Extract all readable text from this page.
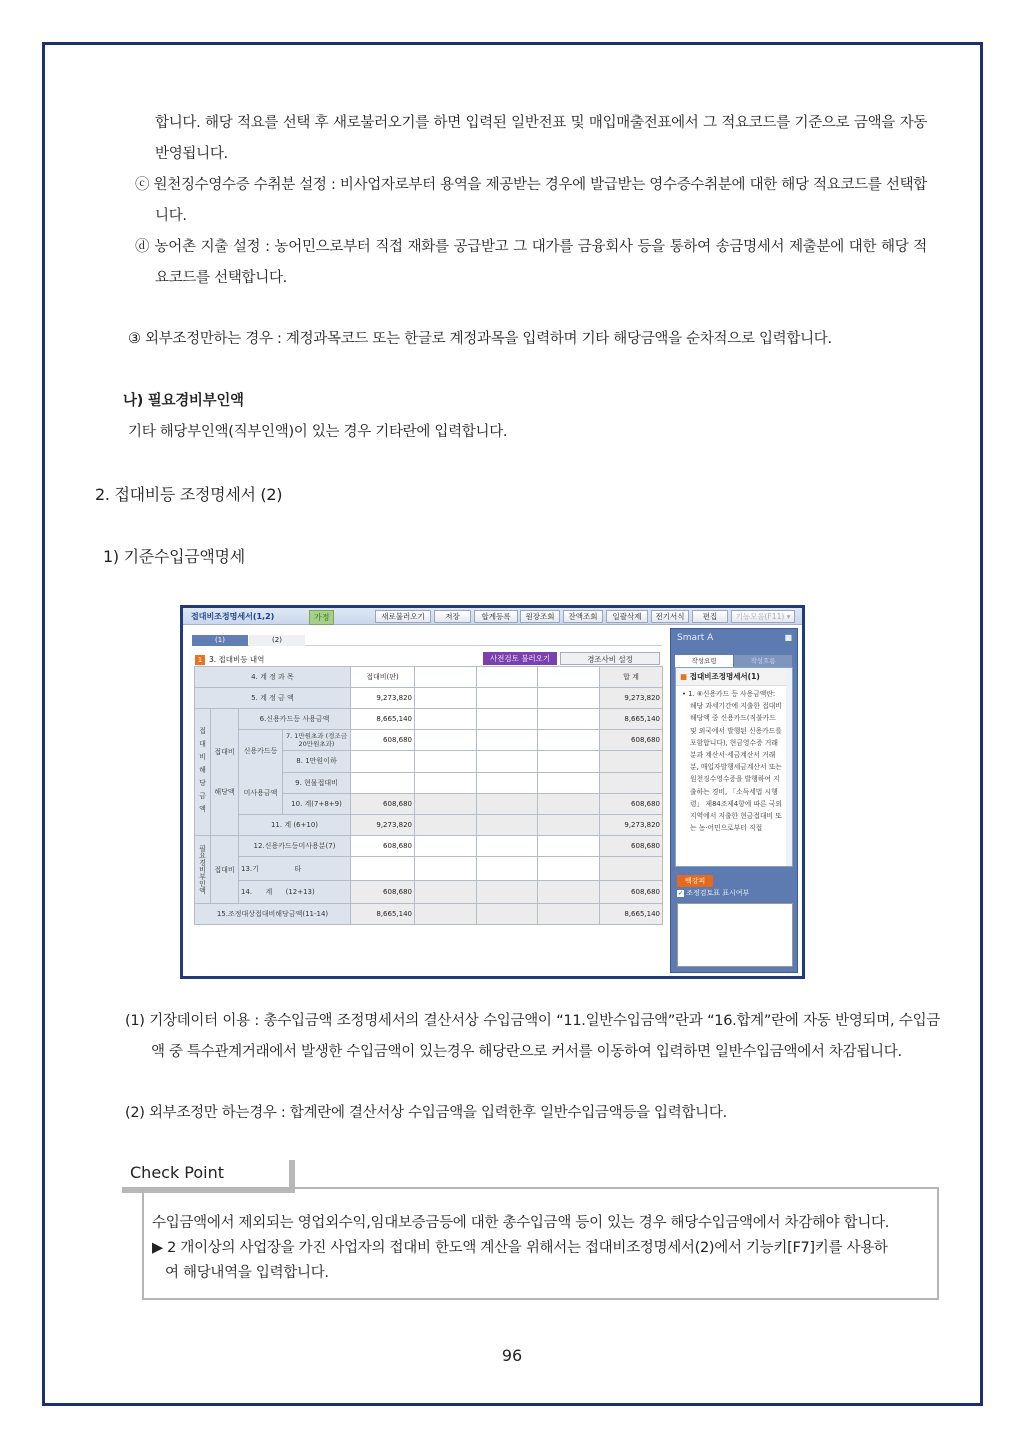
합니다. 해당 적요를 선택 후 새로불러오기를 하면 입력된 일반전표 및 매입매출전표에서 그 적요코드를 기준으로 금액을 자동 반영됩니다.
ⓒ 원천징수영수증 수취분 설정 : 비사업자로부터 용역을 제공받는 경우에 발급받는 영수증수취분에 대한 해당 적요코드를 선택합니다.
ⓓ 농어촌 지출 설정 : 농어민으로부터 직접 재화를 공급받고 그 대가를 금융회사 등을 통하여 송금명세서 제출분에 대한 해당 적요코드를 선택합니다.
③ 외부조정만하는 경우 : 계정과목코드 또는 한글로 계정과목을 입력하며 기타 해당금액을 순차적으로 입력합니다.
나) 필요경비부인액
기타 해당부인액(직부인액)이 있는 경우 기타란에 입력합니다.
2. 접대비등 조정명세서 (2)
1) 기준수입금액명세
접대비조정명세서(1,2)	가정	새로불러오기	저장	합계등록	원장조회	잔액조회	일괄삭제	전기서식	편집	기능모음(F11) ▾
(1)	(2)
1 3. 접대비등 내역	사전검토 불러오기	경조사비 설정
4. 계 정 과 목				접대비(판)				합 계
5. 계 정 금 액				9,273,820				9,273,820
접대비해당금액	접대비 해당액	6.신용카드등 사용금액		8,665,140				8,665,140
		신용카드등 미사용금액	7. 1만원초과 (경조금20만원초과)	608,680				608,680
			8. 1만원이하					
			9. 현물접대비					
			10. 계(7+8+9)	608,680				608,680
		11. 계 (6+10)		9,273,820				9,273,820
필요경비부인액	접대비	12.신용카드등미사용분(7)		608,680				608,680
		13.기                타						
		14.      계      (12+13)		608,680				608,680
15.조정대상접대비해당금액(11-14)				8,665,140				8,665,140
Smart A	■
작성요령	작성흐름
■ 접대비조정명세서(1)
• 1. ⑥신용카드 등 사용금액란: 해당 과세기간에 지출한 접대비해당액 중 신용카드(직불카드 및 외국에서 발행된 신용카드를 포함합니다), 현금영수증 거래분과 계산서·세금계산서 거래분, 매입자발행세금계산서 또는 원천징수영수증을 발행하여 지출하는 경비, 「소득세법 시행령」 제84조제4항에 따른 국외지역에서 지출한 현금접대비 또는 농·어민으로부터 직접
백강피
✓ 조정검토표 표시여부
(1) 기장데이터 이용 : 총수입금액 조정명세서의 결산서상 수입금액이 “11.일반수입금액”란과 “16.합계”란에 자동 반영되며, 수입금액 중 특수관계거래에서 발생한 수입금액이 있는경우 해당란으로 커서를 이동하여 입력하면 일반수입금액에서 차감됩니다.
(2) 외부조정만 하는경우 : 합계란에 결산서상 수입금액을 입력한후 일반수입금액등을 입력합니다.
Check Point
수입금액에서 제외되는 영업외수익,임대보증금등에 대한 총수입금액 등이 있는 경우 해당수입금액에서 차감해야 합니다.
▶ 2 개이상의 사업장을 가진 사업자의 접대비 한도액 계산을 위해서는 접대비조정명세서(2)에서 기능키[F7]키를 사용하
여 해당내역을 입력합니다.
96
